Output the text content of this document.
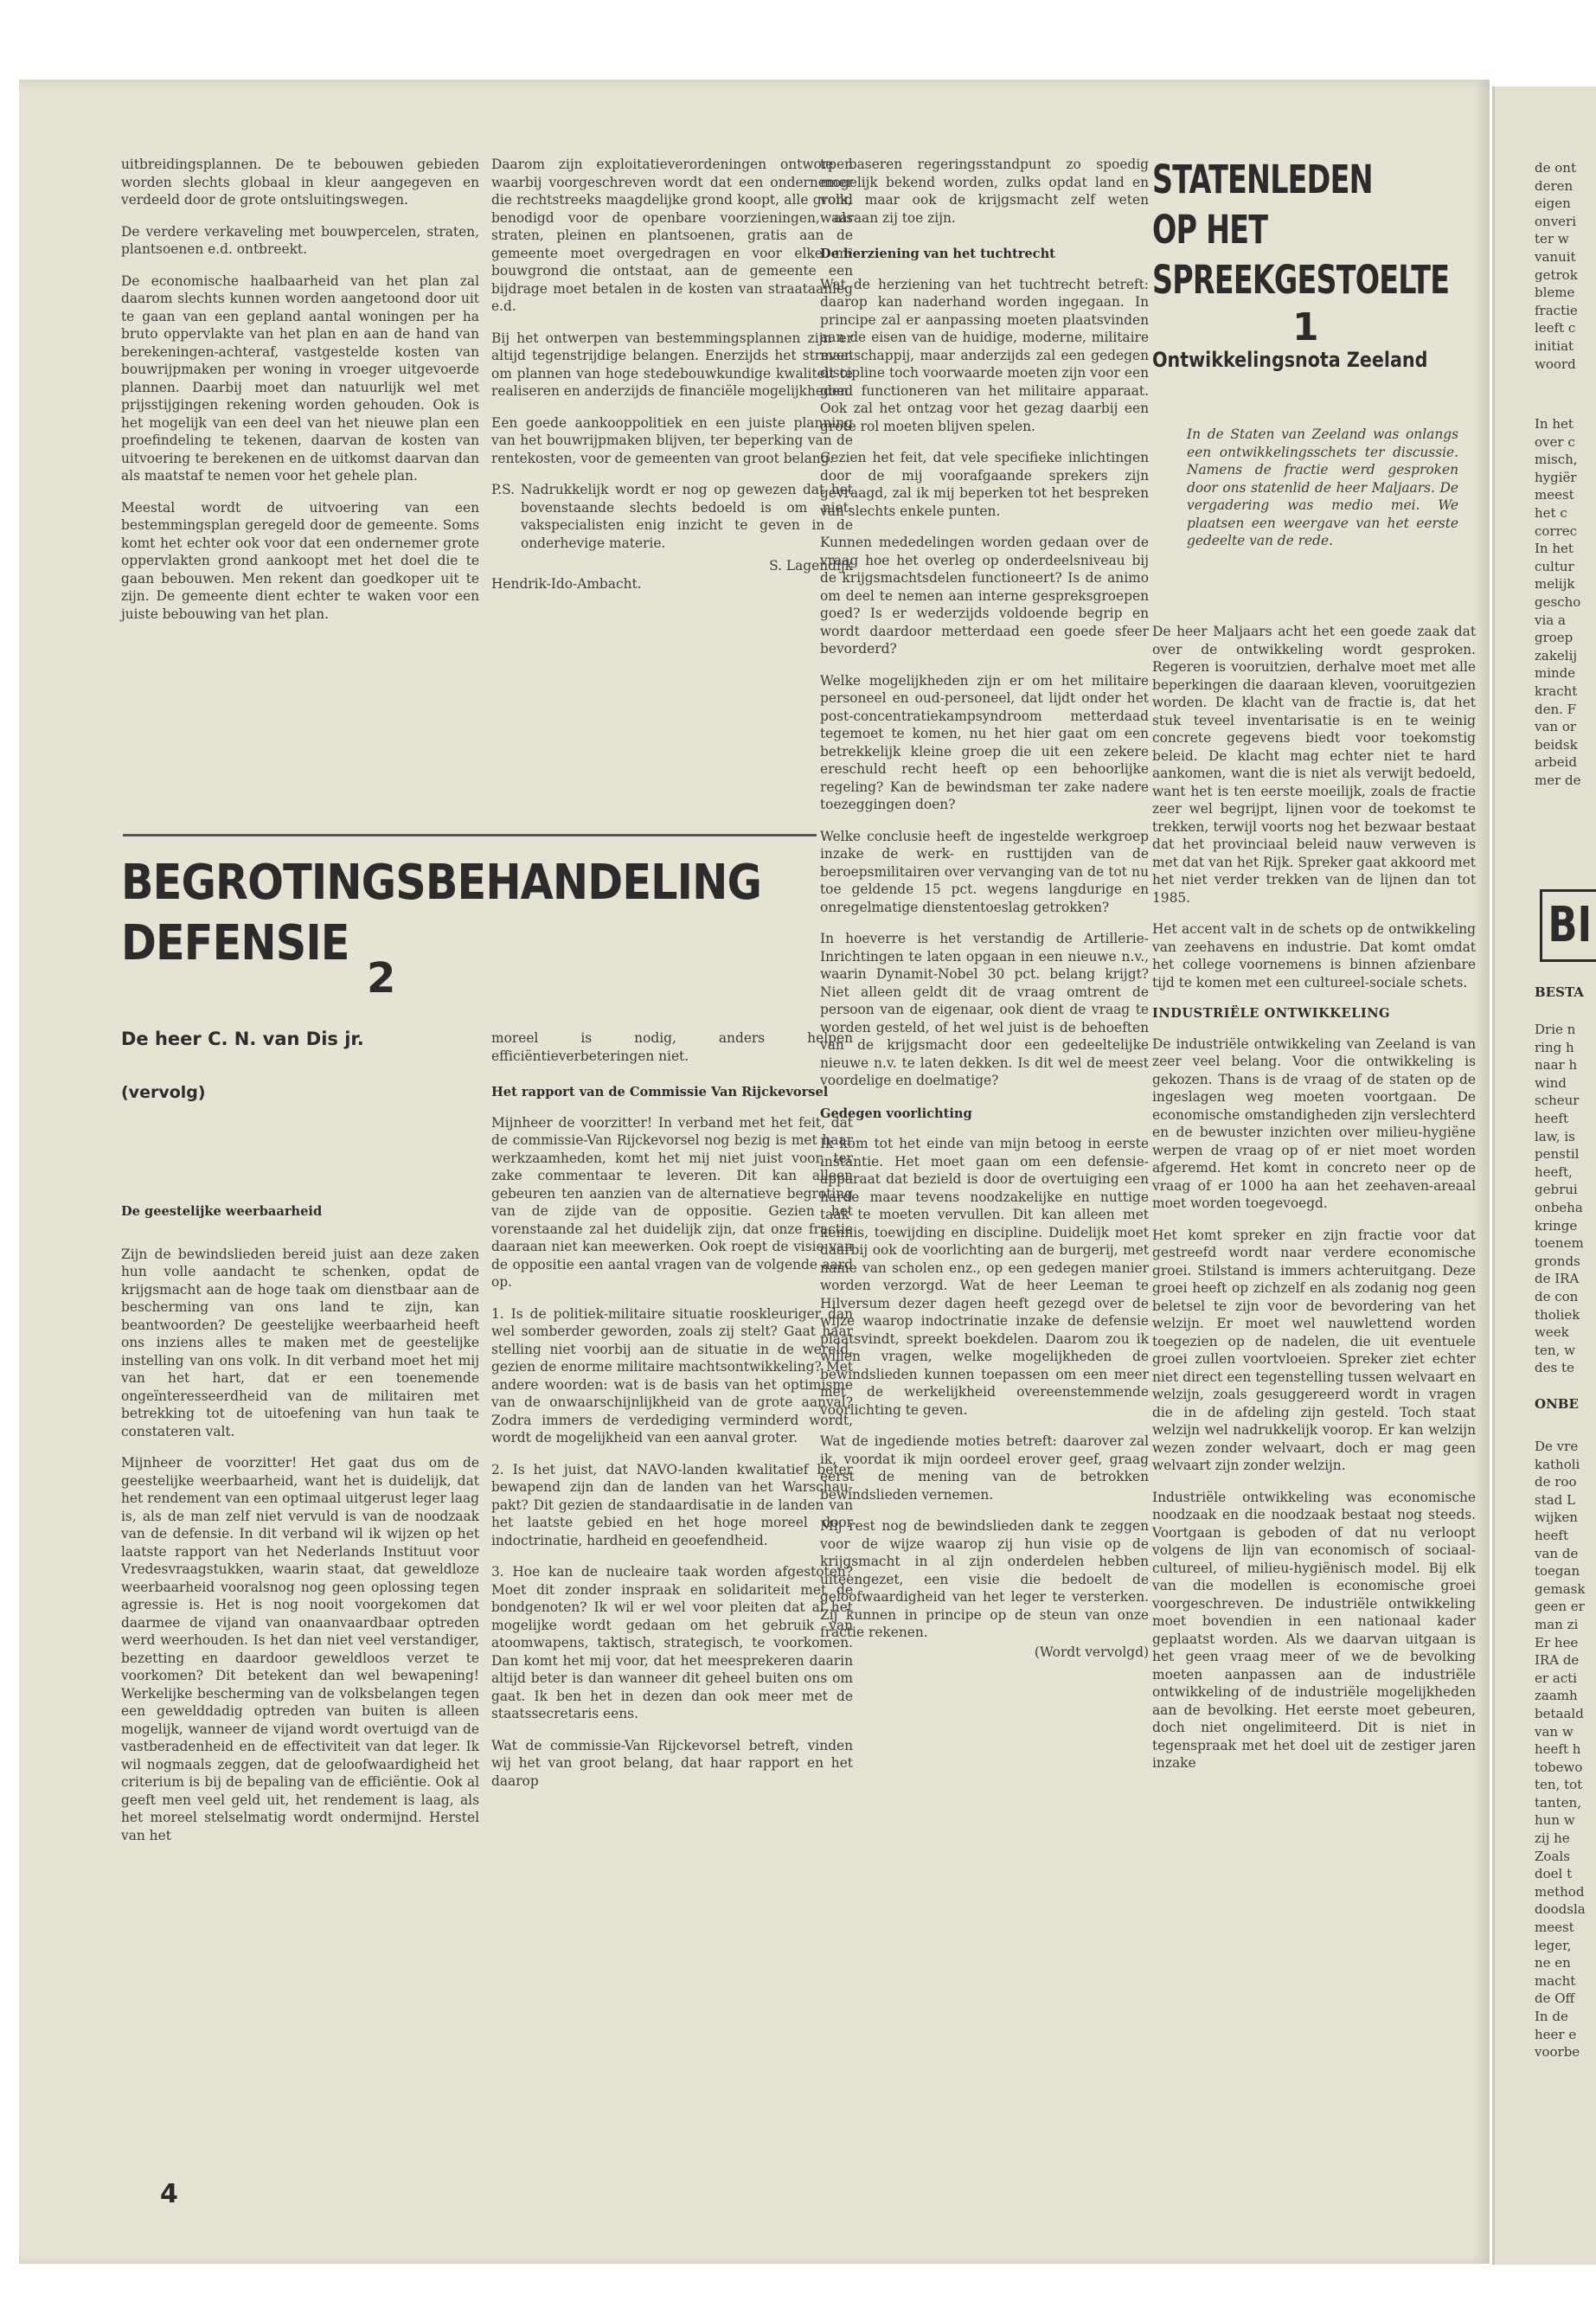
uitbreidingsplannen. De te bebouwen gebieden worden slechts globaal in kleur aangegeven en verdeeld door de grote ontsluitingswegen.

De verdere verkaveling met bouwpercelen, straten, plantsoenen e.d. ontbreekt.

De economische haalbaarheid van het plan zal daarom slechts kunnen worden aangetoond door uit te gaan van een gepland aantal woningen per ha bruto oppervlakte van het plan en aan de hand van berekeningen-achteraf, vastgestelde kosten van bouwrijpmaken per woning in vroeger uitgevoerde plannen. Daarbij moet dan natuurlijk wel met prijsstijgingen rekening worden gehouden. Ook is het mogelijk van een deel van het nieuwe plan een proefindeling te tekenen, daarvan de kosten van uitvoering te berekenen en de uitkomst daarvan dan als maatstaf te nemen voor het gehele plan.

Meestal wordt de uitvoering van een bestemmingsplan geregeld door de gemeente. Soms komt het echter ook voor dat een ondernemer grote oppervlakten grond aankoopt met het doel die te gaan bebouwen. Men rekent dan goedkoper uit te zijn. De gemeente dient echter te waken voor een juiste bebouwing van het plan.

Daarom zijn exploitatieverordeningen ontworpen waarbij voorgeschreven wordt dat een ondernemer die rechtstreeks maagdelijke grond koopt, alle grond benodigd voor de openbare voorzieningen, als straten, pleinen en plantsoenen, gratis aan de gemeente moet overgedragen en voor elke m² bouwgrond die ontstaat, aan de gemeente een bijdrage moet betalen in de kosten van straataanleg e.d.

Bij het ontwerpen van bestemmingsplannen zijn er altijd tegenstrijdige belangen. Enerzijds het streven om plannen van hoge stedebouwkundige kwaliteit te realiseren en anderzijds de financiële mogelijkheden.

Een goede aankooppolitiek en een juiste planning van het bouwrijpmaken blijven, ter beperking van de rentekosten, voor de gemeenten van groot belang.

P.S. Nadrukkelijk wordt er nog op gewezen dat het bovenstaande slechts bedoeld is om niet-vakspecialisten enig inzicht te geven in de onderhevige materie.

S. Lagendijk

Hendrik-Ido-Ambacht.

BEGROTINGSBEHANDELING
DEFENSIE
2
De heer C. N. van Dis jr.
(vervolg)
De geestelijke weerbaarheid

Zijn de bewindslieden bereid juist aan deze zaken hun volle aandacht te schenken, opdat de krijgsmacht aan de hoge taak om dienstbaar aan de bescherming van ons land te zijn, kan beantwoorden? De geestelijke weerbaarheid heeft ons inziens alles te maken met de geestelijke instelling van ons volk. In dit verband moet het mij van het hart, dat er een toenemende ongeïnteresseerdheid van de militairen met betrekking tot de uitoefening van hun taak te constateren valt.

Mijnheer de voorzitter! Het gaat dus om de geestelijke weerbaarheid, want het is duidelijk, dat het rendement van een optimaal uitgerust leger laag is, als de man zelf niet vervuld is van de noodzaak van de defensie. In dit verband wil ik wijzen op het laatste rapport van het Nederlands Instituut voor Vredesvraagstukken, waarin staat, dat geweldloze weerbaarheid vooralsnog nog geen oplossing tegen agressie is. Het is nog nooit voorgekomen dat daarmee de vijand van onaanvaardbaar optreden werd weerhouden. Is het dan niet veel verstandiger, bezetting en daardoor geweldloos verzet te voorkomen? Dit betekent dan wel bewapening! Werkelijke bescherming van de volksbelangen tegen een gewelddadig optreden van buiten is alleen mogelijk, wanneer de vijand wordt overtuigd van de vastberadenheid en de effectiviteit van dat leger. Ik wil nogmaals zeggen, dat de geloofwaardigheid het criterium is bij de bepaling van de efficiëntie. Ook al geeft men veel geld uit, het rendement is laag, als het moreel stelselmatig wordt ondermijnd. Herstel van het

moreel is nodig, anders helpen efficiëntieverbeteringen niet.

Het rapport van de Commissie Van Rijckevorsel

Mijnheer de voorzitter! In verband met het feit, dat de commissie-Van Rijckevorsel nog bezig is met haar werkzaamheden, komt het mij niet juist voor, ter zake commentaar te leveren. Dit kan alleen gebeuren ten aanzien van de alternatieve begroting van de zijde van de oppositie. Gezien het vorenstaande zal het duidelijk zijn, dat onze fractie daaraan niet kan meewerken. Ook roept de visie van de oppositie een aantal vragen van de volgende aard op.

1. Is de politiek-militaire situatie rooskleuriger dan wel somberder geworden, zoals zij stelt? Gaat haar stelling niet voorbij aan de situatie in de wereld, gezien de enorme militaire machtsontwikkeling? Met andere woorden: wat is de basis van het optimisme van de onwaarschijnlijkheid van de grote aanval? Zodra immers de verdediging verminderd wordt, wordt de mogelijkheid van een aanval groter.

2. Is het juist, dat NAVO-landen kwalitatief beter bewapend zijn dan de landen van het Warschau-pakt? Dit gezien de standaardisatie in de landen van het laatste gebied en het hoge moreel door indoctrinatie, hardheid en geoefendheid.

3. Hoe kan de nucleaire taak worden afgestoten? Moet dit zonder inspraak en solidariteit met de bondgenoten? Ik wil er wel voor pleiten dat al het mogelijke wordt gedaan om het gebruik van atoomwapens, taktisch, strategisch, te voorkomen. Dan komt het mij voor, dat het meesprekeren daarin altijd beter is dan wanneer dit geheel buiten ons om gaat. Ik ben het in dezen dan ook meer met de staatssecretaris eens.

Wat de commissie-Van Rijckevorsel betreft, vinden wij het van groot belang, dat haar rapport en het daarop

te baseren regeringsstandpunt zo spoedig mogelijk bekend worden, zulks opdat land en volk, maar ook de krijgsmacht zelf weten waaraan zij toe zijn.

De herziening van het tuchtrecht

Wat de herziening van het tuchtrecht betreft: daarop kan naderhand worden ingegaan. In principe zal er aanpassing moeten plaatsvinden aan de eisen van de huidige, moderne, militaire maatschappij, maar anderzijds zal een gedegen discipline toch voorwaarde moeten zijn voor een goed functioneren van het militaire apparaat. Ook zal het ontzag voor het gezag daarbij een grote rol moeten blijven spelen.

Gezien het feit, dat vele specifieke inlichtingen door de mij voorafgaande sprekers zijn gevraagd, zal ik mij beperken tot het bespreken van slechts enkele punten.

Kunnen mededelingen worden gedaan over de vraag hoe het overleg op onderdeelsniveau bij de krijgsmachtsdelen functioneert? Is de animo om deel te nemen aan interne gespreksgroepen goed? Is er wederzijds voldoende begrip en wordt daardoor metterdaad een goede sfeer bevorderd?

Welke mogelijkheden zijn er om het militaire personeel en oud-personeel, dat lijdt onder het post-concentratiekampsyndroom metterdaad tegemoet te komen, nu het hier gaat om een betrekkelijk kleine groep die uit een zekere ereschuld recht heeft op een behoorlijke regeling? Kan de bewindsman ter zake nadere toezeggingen doen?

Welke conclusie heeft de ingestelde werkgroep inzake de werk- en rusttijden van de beroepsmilitairen over vervanging van de tot nu toe geldende 15 pct. wegens langdurige en onregelmatige dienstentoeslag getrokken?

In hoeverre is het verstandig de Artillerie-Inrichtingen te laten opgaan in een nieuwe n.v., waarin Dynamit-Nobel 30 pct. belang krijgt? Niet alleen geldt dit de vraag omtrent de persoon van de eigenaar, ook dient de vraag te worden gesteld, of het wel juist is de behoeften van de krijgsmacht door een gedeeltelijke nieuwe n.v. te laten dekken. Is dit wel de meest voordelige en doelmatige?

Gedegen voorlichting

Ik kom tot het einde van mijn betoog in eerste instantie. Het moet gaan om een defensie-apparaat dat bezield is door de overtuiging een harde maar tevens noodzakelijke en nuttige taak te moeten vervullen. Dit kan alleen met kennis, toewijding en discipline. Duidelijk moet daarbij ook de voorlichting aan de burgerij, met name van scholen enz., op een gedegen manier worden verzorgd. Wat de heer Leeman te Hilversum dezer dagen heeft gezegd over de wijze waarop indoctrinatie inzake de defensie plaatsvindt, spreekt boekdelen. Daarom zou ik willen vragen, welke mogelijkheden de bewindslieden kunnen toepassen om een meer met de werkelijkheid overeenstemmende voorlichting te geven.

Wat de ingediende moties betreft: daarover zal ik, voordat ik mijn oordeel erover geef, graag eerst de mening van de betrokken bewindslieden vernemen.

Mij rest nog de bewindslieden dank te zeggen voor de wijze waarop zij hun visie op de krijgsmacht in al zijn onderdelen hebben uiteengezet, een visie die bedoelt de geloofwaardigheid van het leger te versterken. Zij kunnen in principe op de steun van onze fractie rekenen.

(Wordt vervolgd)

STATENLEDEN
OP HET
SPREEKGESTOELTE
1
Ontwikkelingsnota Zeeland

In de Staten van Zeeland was onlangs een ontwikkelingsschets ter discussie. Namens de fractie werd gesproken door ons statenlid de heer Maljaars. De vergadering was medio mei. We plaatsen een weergave van het eerste gedeelte van de rede.

De heer Maljaars acht het een goede zaak dat over de ontwikkeling wordt gesproken. Regeren is vooruitzien, derhalve moet met alle beperkingen die daaraan kleven, vooruitgezien worden. De klacht van de fractie is, dat het stuk teveel inventarisatie is en te weinig concrete gegevens biedt voor toekomstig beleid. De klacht mag echter niet te hard aankomen, want die is niet als verwijt bedoeld, want het is ten eerste moeilijk, zoals de fractie zeer wel begrijpt, lijnen voor de toekomst te trekken, terwijl voorts nog het bezwaar bestaat dat het provinciaal beleid nauw verweven is met dat van het Rijk. Spreker gaat akkoord met het niet verder trekken van de lijnen dan tot 1985.

Het accent valt in de schets op de ontwikkeling van zeehavens en industrie. Dat komt omdat het college voornemens is binnen afzienbare tijd te komen met een cultureel-sociale schets.

INDUSTRIËLE ONTWIKKELING

De industriële ontwikkeling van Zeeland is van zeer veel belang. Voor die ontwikkeling is gekozen. Thans is de vraag of de staten op de ingeslagen weg moeten voortgaan. De economische omstandigheden zijn verslechterd en de bewuster inzichten over milieu-hygiëne werpen de vraag op of er niet moet worden afgeremd. Het komt in concreto neer op de vraag of er 1000 ha aan het zeehaven-areaal moet worden toegevoegd.

Het komt spreker en zijn fractie voor dat gestreefd wordt naar verdere economische groei. Stilstand is immers achteruitgang. Deze groei heeft op zichzelf en als zodanig nog geen beletsel te zijn voor de bevordering van het welzijn. Er moet wel nauwlettend worden toegezien op de nadelen, die uit eventuele groei zullen voortvloeien. Spreker ziet echter niet direct een tegenstelling tussen welvaart en welzijn, zoals gesuggereerd wordt in vragen die in de afdeling zijn gesteld. Toch staat welzijn wel nadrukkelijk voorop. Er kan welzijn wezen zonder welvaart, doch er mag geen welvaart zijn zonder welzijn.

Industriële ontwikkeling was economische noodzaak en die noodzaak bestaat nog steeds. Voortgaan is geboden of dat nu verloopt volgens de lijn van economisch of sociaal-cultureel, of milieu-hygiënisch model. Bij elk van die modellen is economische groei voorgeschreven. De industriële ontwikkeling moet bovendien in een nationaal kader geplaatst worden. Als we daarvan uitgaan is het geen vraag meer of we de bevolking moeten aanpassen aan de industriële ontwikkeling of de industriële mogelijkheden aan de bevolking. Het eerste moet gebeuren, doch niet ongelimiteerd. Dit is niet in tegenspraak met het doel uit de zestiger jaren inzake

4
de ont
deren
eigen
onveri
ter w
vanuit
getrok
bleme
fractie
leeft c
initiat
woord
In het
over c
misch,
hygiër
meest
het c
correc
In het
cultur
melijk
gescho
via a
groep
zakelij
minde
kracht
den. F
van or
beidsk
arbeid
mer de
BI
BESTA
Drie n
ring h
naar h
wind
scheur
heeft
law, is
penstil
heeft,
gebrui
onbeha
kringe
toenem
gronds
de IRA
de con
tholiek
week
ten, w
des te
ONBE
De vre
katholi
de roo
stad L
wijken
heeft
van de
toegan
gemask
geen er
man zi
Er hee
IRA de
er acti
zaamh
betaald
van w
heeft h
tobewo
ten, tot
tanten,
hun w
zij he
Zoals
doel t
method
doodsla
meest
leger,
ne en
macht
de Off
In de
heer e
voorbe
